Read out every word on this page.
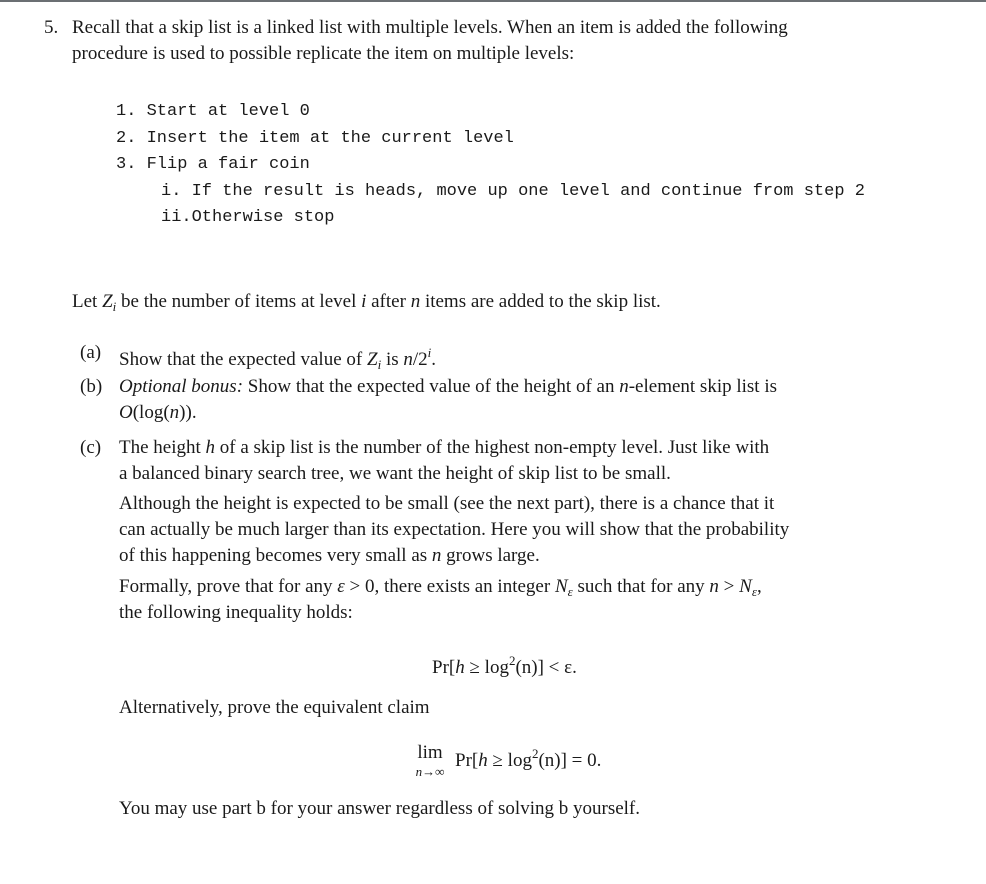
5. Recall that a skip list is a linked list with multiple levels. When an item is added the following
procedure is used to possible replicate the item on multiple levels:
1. Start at level 0
2. Insert the item at the current level
3. Flip a fair coin
i. If the result is heads, move up one level and continue from step 2
ii.Otherwise stop
Let $Z_i$ be the number of items at level i after n items are added to the skip list.
(a) Show that the expected value of $Z_i$ is n/2$^i$.
(b) Optional bonus: Show that the expected value of the height of an n-element skip list is
O(log(n)).
(c) The height h of a skip list is the number of the highest non-empty level. Just like with
a balanced binary search tree, we want the height of skip list to be small.
Although the height is expected to be small (see the next part), there is a chance that it
can actually be much larger than its expectation. Here you will show that the probability
of this happening becomes very small as n grows large.
Formally, prove that for any ε > 0, there exists an integer $N_\varepsilon$ such that for any $n > N_\varepsilon$,
the following inequality holds:
$Pr[h \ge \log^2(n)] < \varepsilon$.
Alternatively, prove the equivalent claim
lim
n→∞
$Pr[h \ge \log^2(n)] = 0$.
You may use part b for your answer regardless of solving b yourself.
